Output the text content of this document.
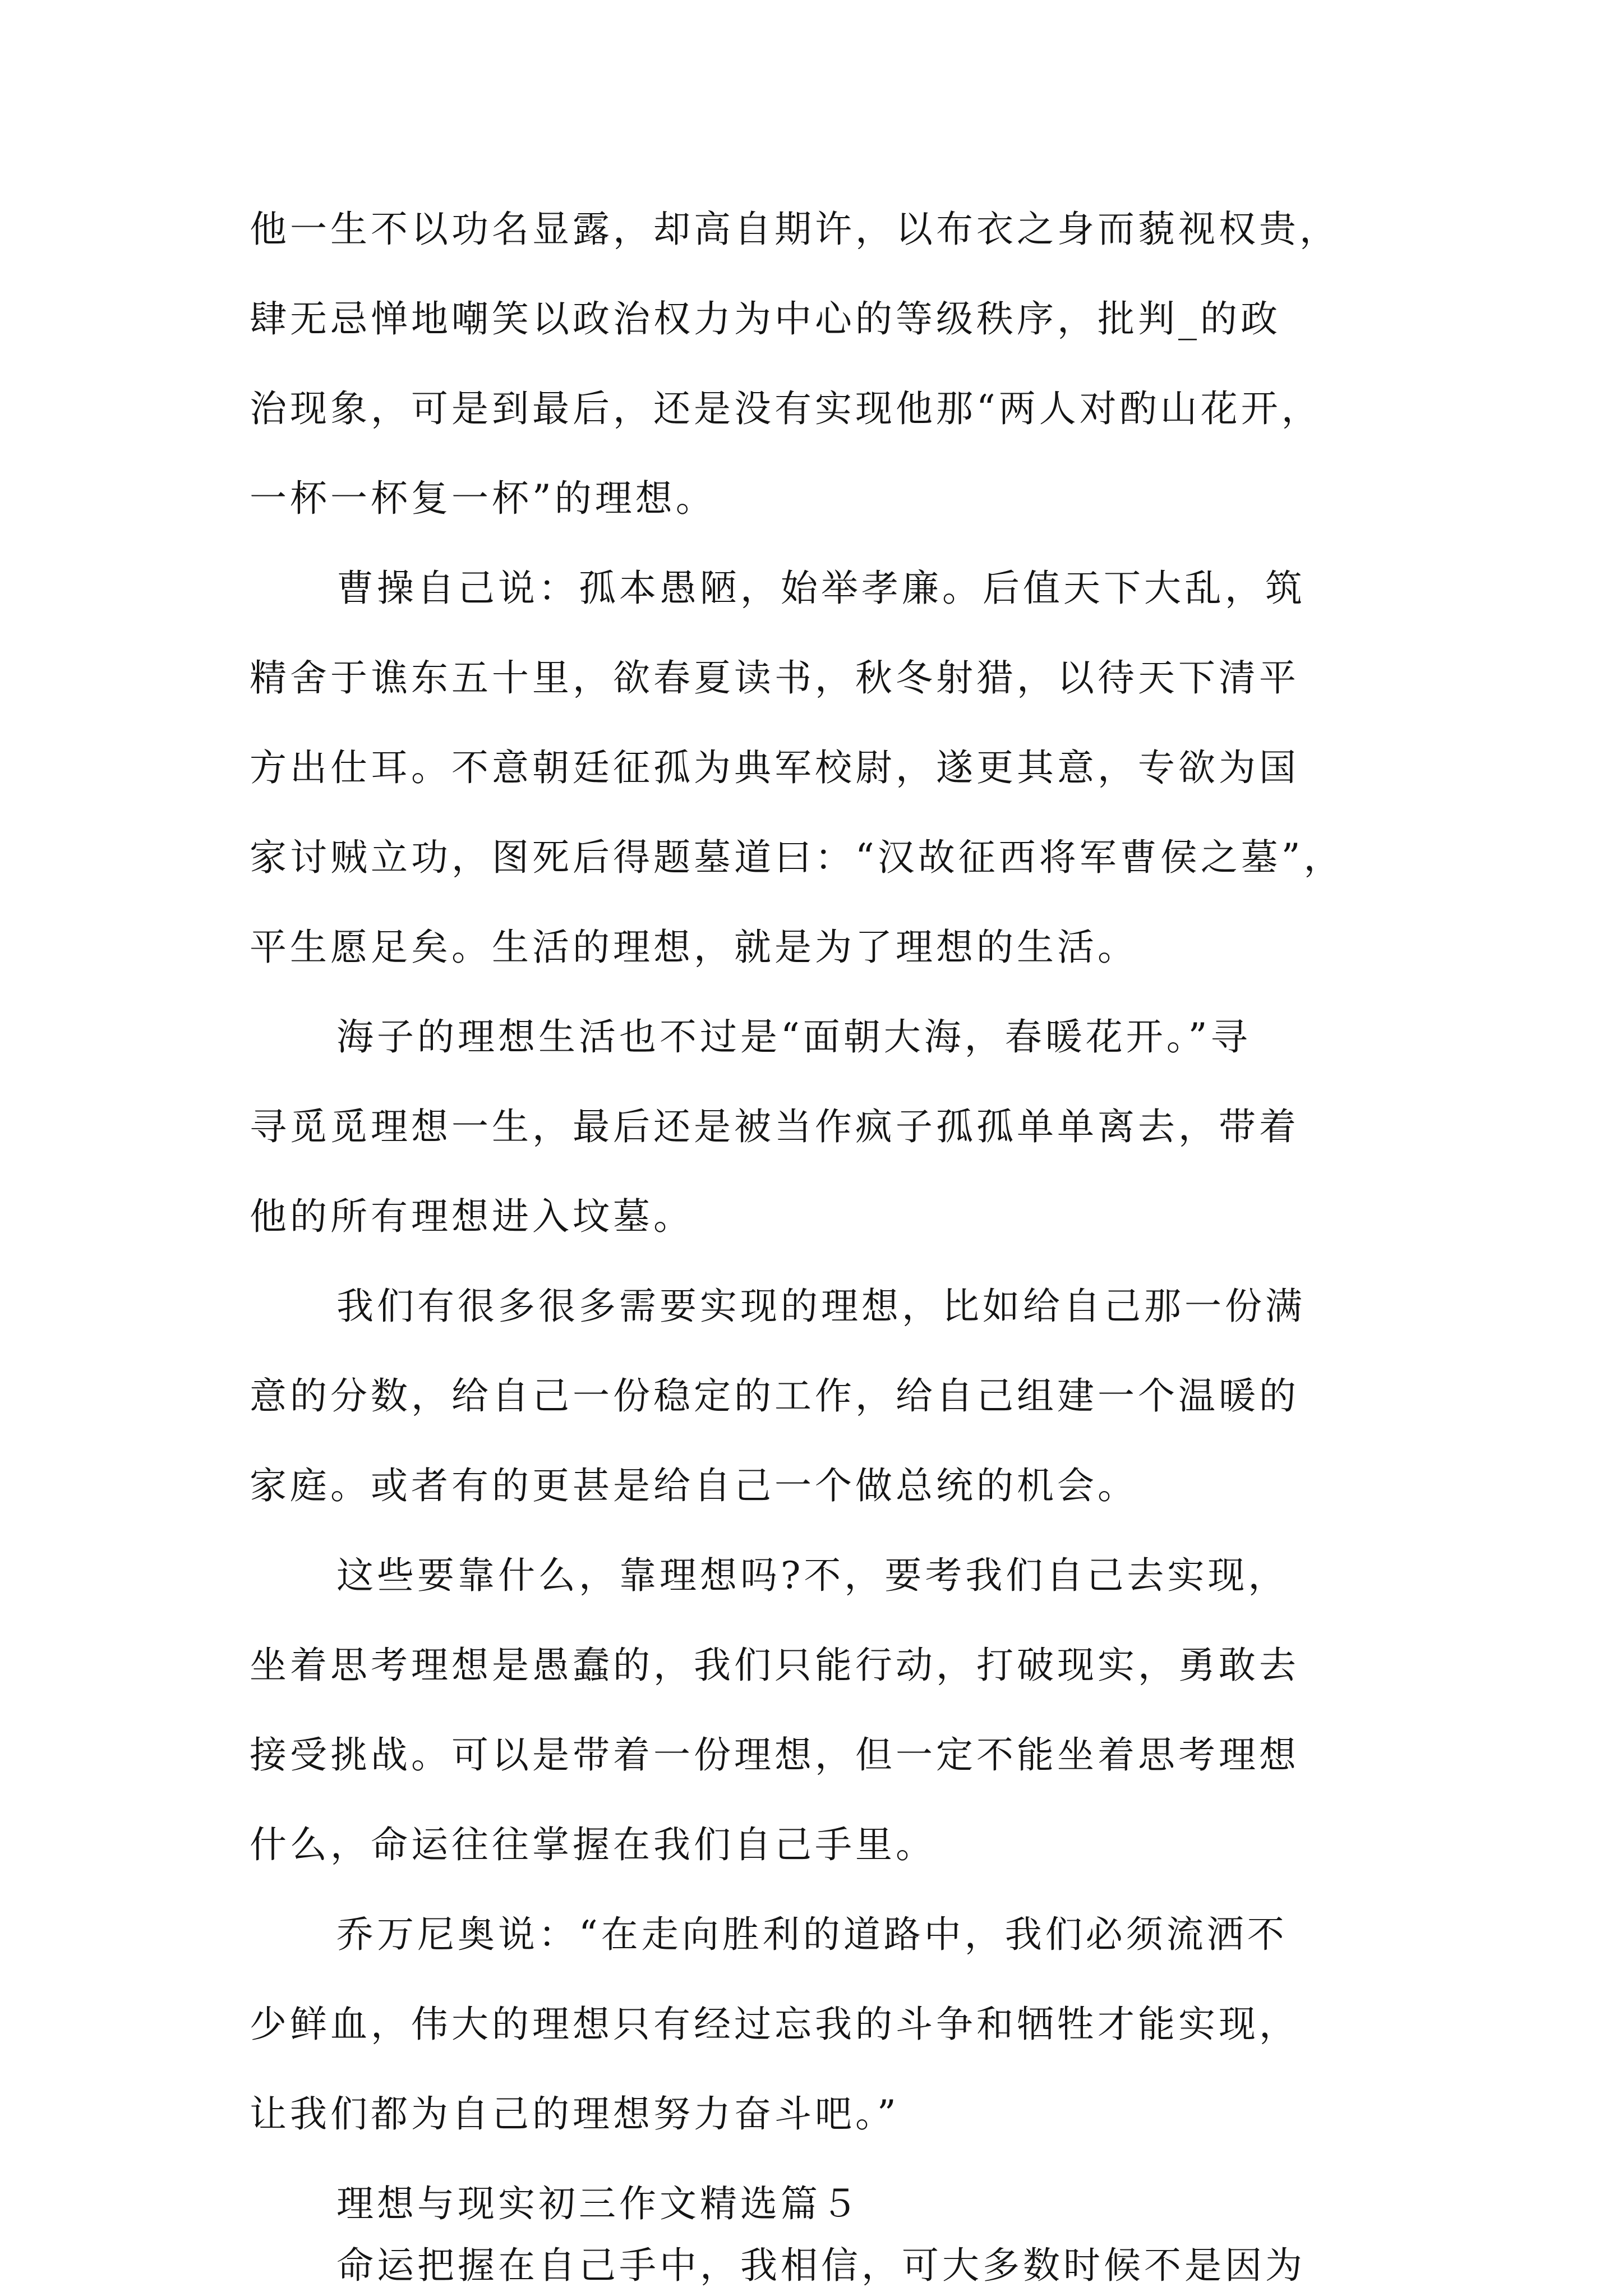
他一生不以功名显露，却高自期许，以布衣之身而藐视权贵，

肆无忌惮地嘲笑以政治权力为中心的等级秩序，批判_的政

治现象，可是到最后，还是没有实现他那“两人对酌山花开，

一杯一杯复一杯”的理想。

曹操自己说：孤本愚陋，始举孝廉。后值天下大乱，筑

精舍于谯东五十里，欲春夏读书，秋冬射猎，以待天下清平

方出仕耳。不意朝廷征孤为典军校尉，遂更其意，专欲为国

家讨贼立功，图死后得题墓道曰：“汉故征西将军曹侯之墓”，

平生愿足矣。生活的理想，就是为了理想的生活。

海子的理想生活也不过是“面朝大海，春暖花开。”寻

寻觅觅理想一生，最后还是被当作疯子孤孤单单离去，带着

他的所有理想进入坟墓。

我们有很多很多需要实现的理想，比如给自己那一份满

意的分数，给自己一份稳定的工作，给自己组建一个温暖的

家庭。或者有的更甚是给自己一个做总统的机会。

这些要靠什么，靠理想吗?不，要考我们自己去实现，

坐着思考理想是愚蠢的，我们只能行动，打破现实，勇敢去

接受挑战。可以是带着一份理想，但一定不能坐着思考理想

什么，命运往往掌握在我们自己手里。

乔万尼奥说：“在走向胜利的道路中，我们必须流洒不

少鲜血，伟大的理想只有经过忘我的斗争和牺牲才能实现，

让我们都为自己的理想努力奋斗吧。”

理想与现实初三作文精选篇５

命运把握在自己手中，我相信，可大多数时候不是因为
